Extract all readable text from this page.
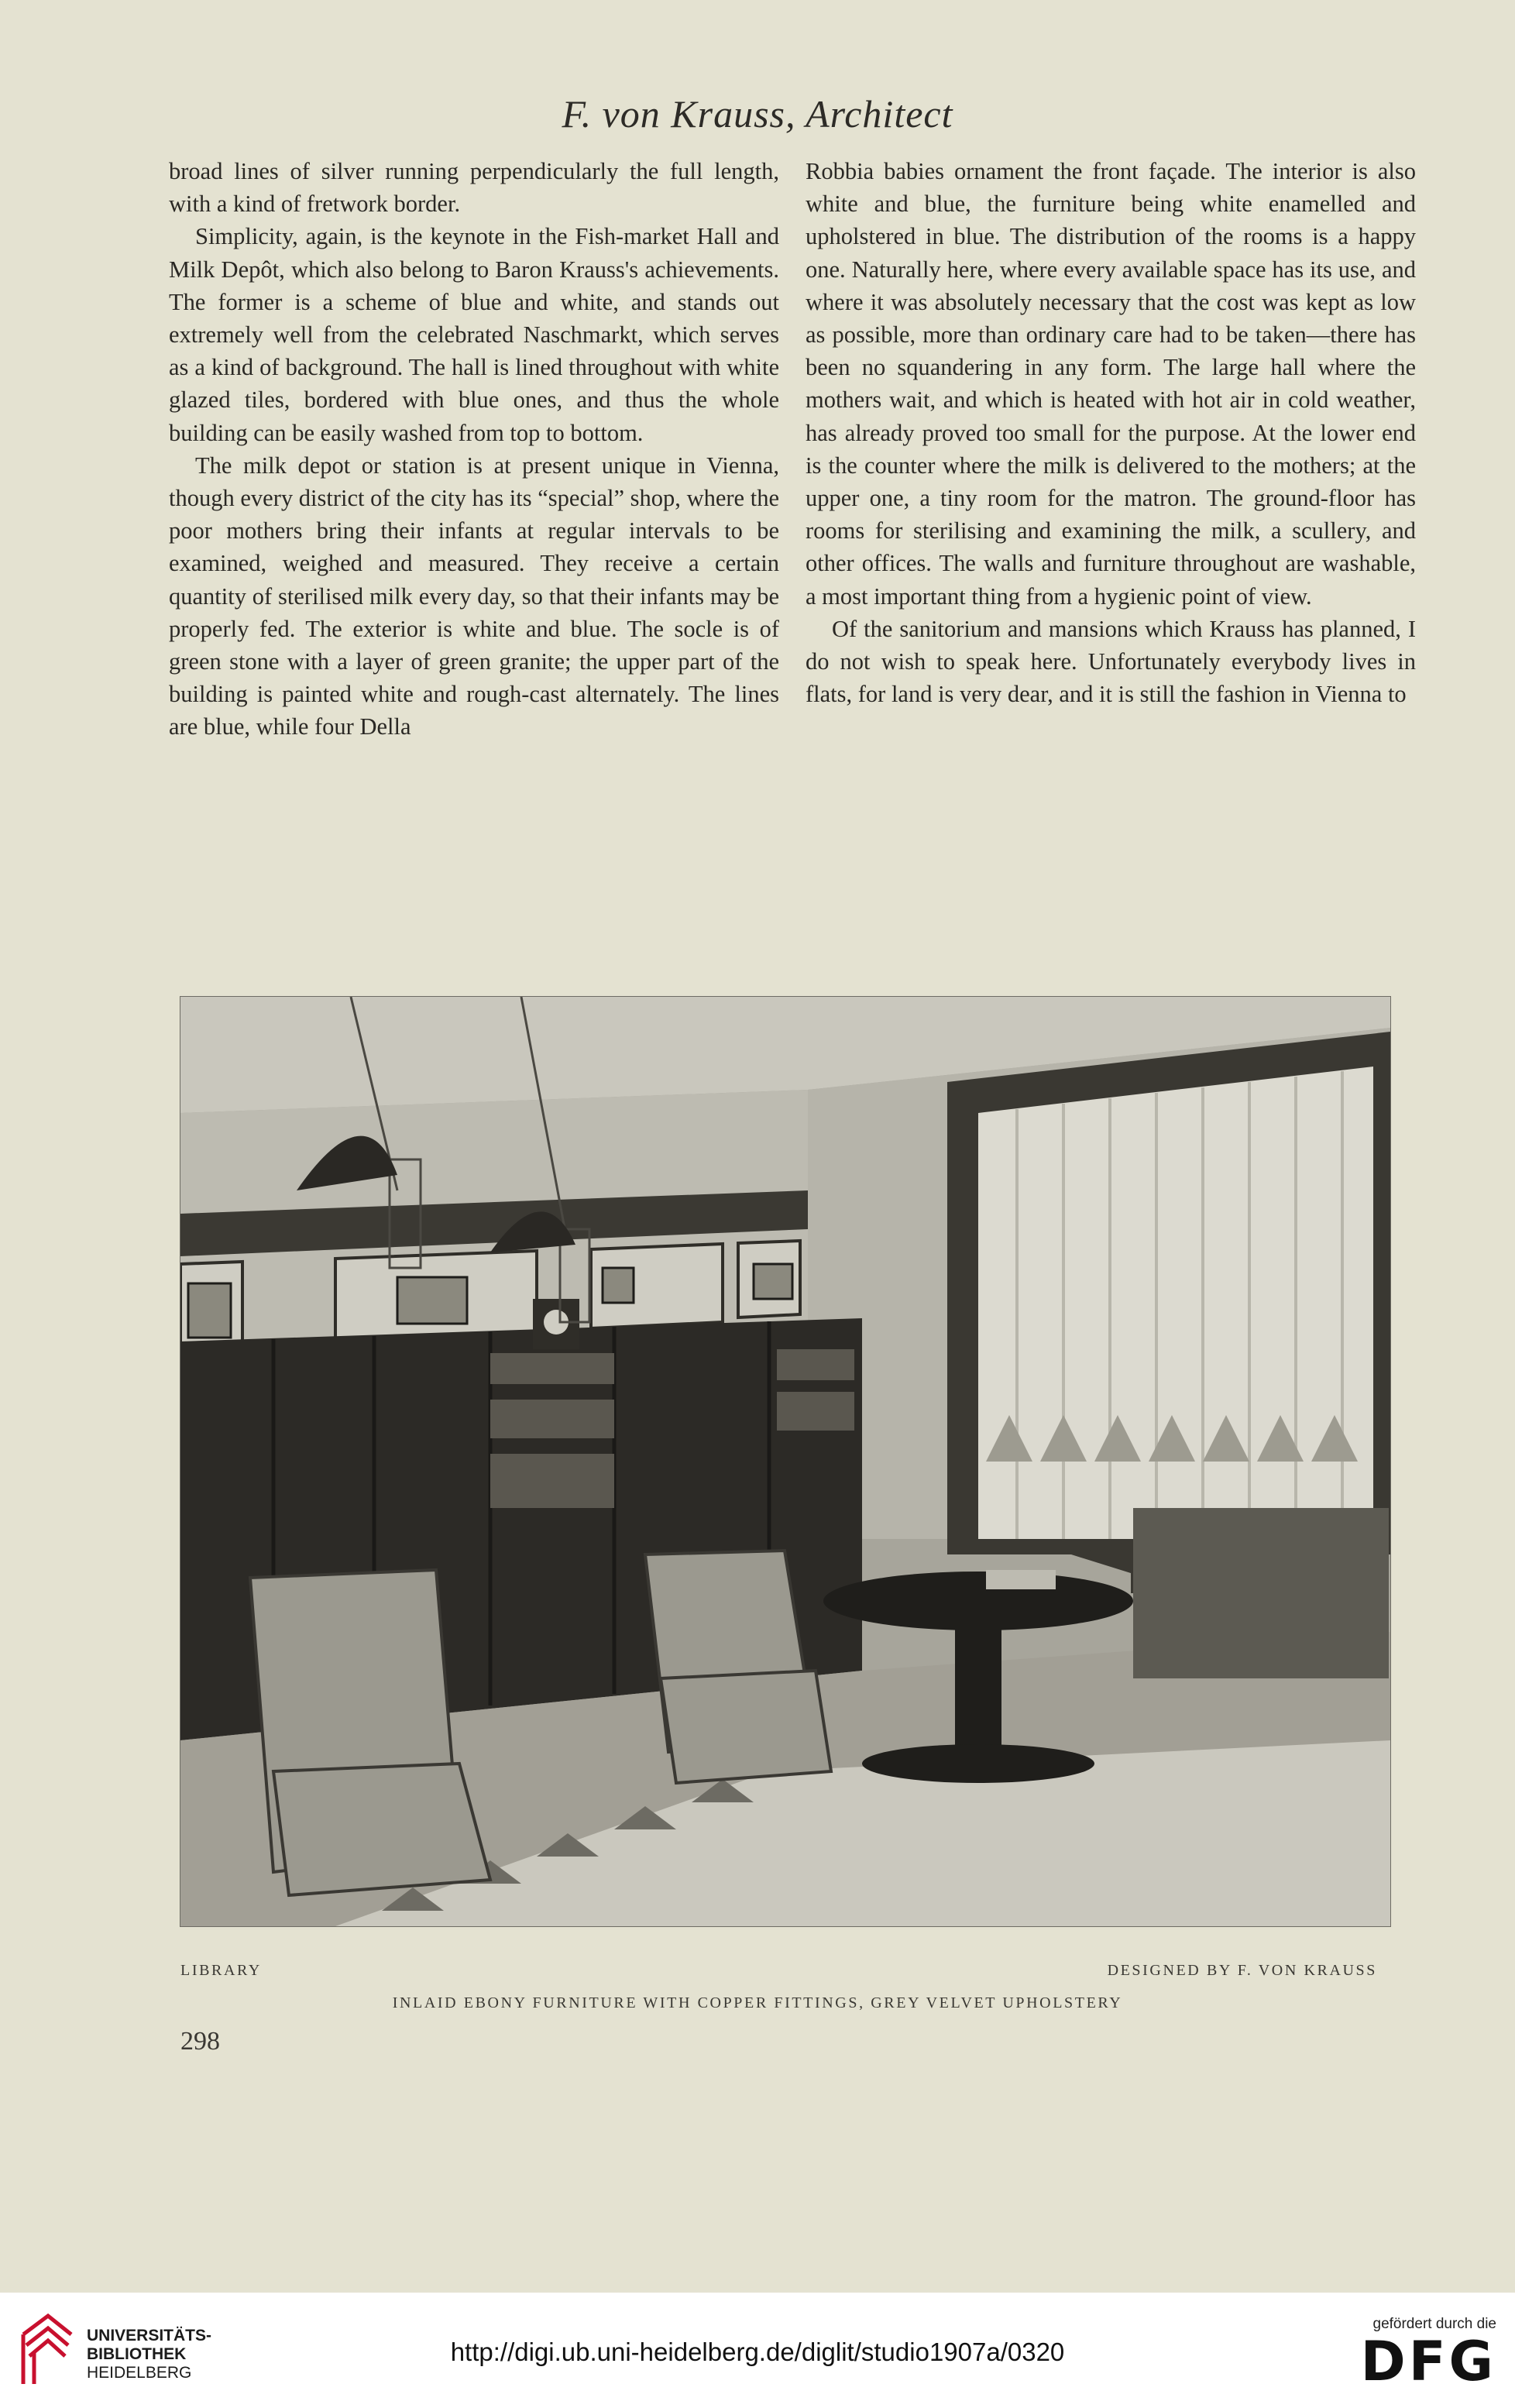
F. von Krauss, Architect

broad lines of silver running perpendicularly the full length, with a kind of fretwork border.

Simplicity, again, is the keynote in the Fish-market Hall and Milk Depôt, which also belong to Baron Krauss's achievements. The former is a scheme of blue and white, and stands out extremely well from the celebrated Naschmarkt, which serves as a kind of background. The hall is lined throughout with white glazed tiles, bordered with blue ones, and thus the whole building can be easily washed from top to bottom.

The milk depot or station is at present unique in Vienna, though every district of the city has its “special” shop, where the poor mothers bring their infants at regular intervals to be examined, weighed and measured. They receive a certain quantity of sterilised milk every day, so that their infants may be properly fed. The exterior is white and blue. The socle is of green stone with a layer of green granite; the upper part of the building is painted white and rough-cast alternately. The lines are blue, while four Della

Robbia babies ornament the front façade. The interior is also white and blue, the furniture being white enamelled and upholstered in blue. The distribution of the rooms is a happy one. Naturally here, where every available space has its use, and where it was absolutely necessary that the cost was kept as low as possible, more than ordinary care had to be taken—there has been no squandering in any form. The large hall where the mothers wait, and which is heated with hot air in cold weather, has already proved too small for the purpose. At the lower end is the counter where the milk is delivered to the mothers; at the upper one, a tiny room for the matron. The ground-floor has rooms for sterilising and examining the milk, a scullery, and other offices. The walls and furniture throughout are washable, a most important thing from a hygienic point of view.

Of the sanitorium and mansions which Krauss has planned, I do not wish to speak here. Unfortunately everybody lives in flats, for land is very dear, and it is still the fashion in Vienna to

LIBRARY	DESIGNED BY F. VON KRAUSS
INLAID EBONY FURNITURE WITH COPPER FITTINGS, GREY VELVET UPHOLSTERY
298
UNIVERSITÄTS-
BIBLIOTHEK
HEIDELBERG
http://digi.ub.uni-heidelberg.de/diglit/studio1907a/0320
gefördert durch die
DFG
